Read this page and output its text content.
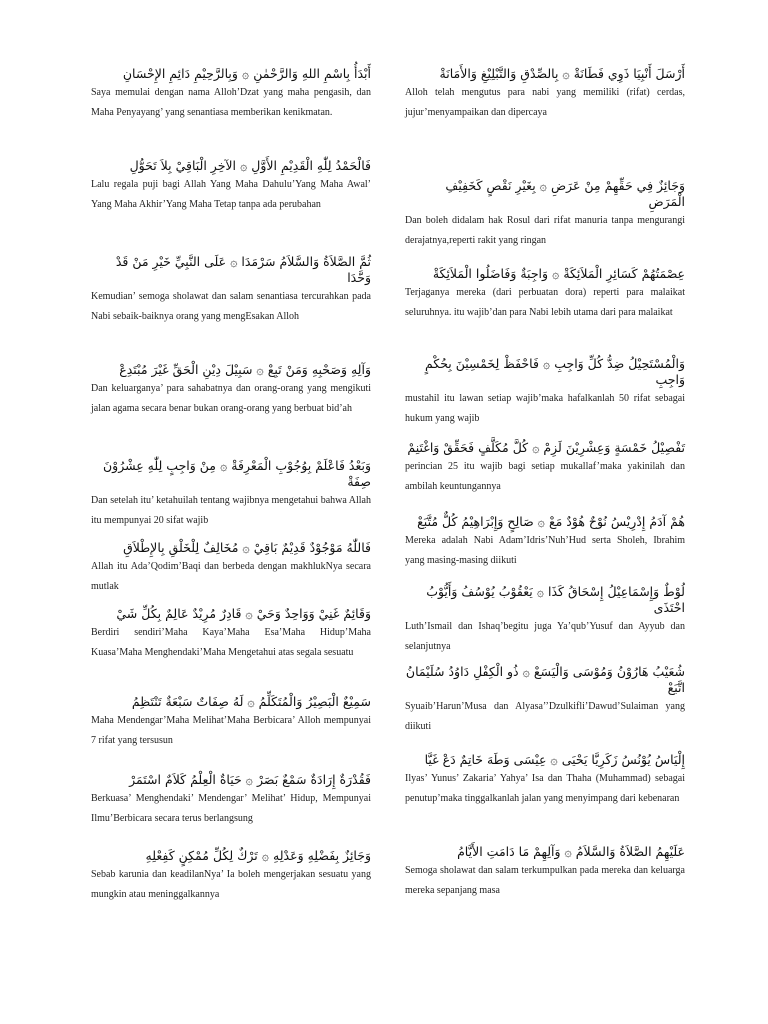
أَبْدَأُ بِاسْمِ اللهِ وَالرَّحْمٰنِ ۞ وَبِالرَّحِيْمِ دَائِمِ الإِحْسَانِ
Saya memulai dengan nama Alloh’Dzat yang maha pengasih, dan Maha Penyayang’ yang senantiasa memberikan kenikmatan.
فَالْحَمْدُ لِلّٰهِ الْقَدِيْمِ الأَوَّلِ ۞ الآخِرِ الْبَاقِيْ بِلاَ تَحَوُّلِ
Lalu regala puji bagi Allah Yang Maha Dahulu’Yang Maha Awal’ Yang Maha Akhir’Yang Maha Tetap tanpa ada perubahan
ثُمَّ الصَّلاَةُ وَالسَّلاَمُ سَرْمَدَا ۞ عَلَى النَّبِيِّ خَيْرِ مَنْ قَدْ وَحَّدَا
Kemudian’ semoga sholawat dan salam senantiasa tercurahkan pada Nabi sebaik-baiknya orang yang mengEsakan Alloh
وَآلِهِ وَصَحْبِهِ وَمَنْ تَبِعْ ۞ سَبِيْلَ دِيْنِ الْحَقِّ غَيْرَ مُبْتَدِعْ
Dan keluarganya’ para sahabatnya dan orang-orang yang mengikuti jalan agama secara benar bukan orang-orang yang berbuat bid’ah
وَبَعْدُ فَاعْلَمْ بِوُجُوْبِ الْمَعْرِفَةْ ۞ مِنْ وَاجِبٍ لِلّٰهِ عِشْرُوْنَ صِفَةْ
Dan setelah itu’ ketahuilah tentang wajibnya mengetahui bahwa Allah itu mempunyai 20 sifat wajib
فَاللّٰهُ مَوْجُوْدٌ قَدِيْمٌ بَاقِيْ ۞ مُخَالِفٌ لِلْخَلْقِ بِالإِطْلاَقِ
Allah itu Ada’Qodim’Baqi dan berbeda dengan makhlukNya secara mutlak
وَقَائِمٌ غَنِيْ وَوَاحِدٌ وَحَيْ ۞ قَادِرٌ مُرِيْدٌ عَالِمٌ بِكُلِّ شَيْ
Berdiri sendiri’Maha Kaya’Maha Esa’Maha Hidup’Maha Kuasa’Maha Menghendaki’Maha Mengetahui atas segala sesuatu
سَمِيْعٌ الْبَصِيْرُ وَالْمُتَكَلِّمُ ۞ لَهُ صِفَاتٌ سَبْعَةٌ تَنْتَظِمُ
Maha Mendengar’Maha Melihat’Maha Berbicara’ Alloh mempunyai 7 rifat yang tersusun
فَقُدْرَةٌ إِرَادَةٌ سَمْعٌ بَصَرْ ۞ حَيَاةٌ الْعِلْمُ كَلاَمٌ اسْتَمَرْ
Berkuasa’ Menghendaki’ Mendengar’ Melihat’ Hidup, Mempunyai Ilmu’Berbicara secara terus berlangsung
وَجَائِزٌ بِفَضْلِهِ وَعَدْلِهِ ۞ تَرْكٌ لِكُلِّ مُمْكِنٍ كَفِعْلِهِ
Sebab karunia dan keadilanNya’ Ia boleh mengerjakan sesuatu yang mungkin atau meninggalkannya
أَرْسَلَ أَنْبِيَا ذَوِي فَطَانَةْ ۞ بِالصِّدْقِ وَالتَّبْلِيْغِ وَالأَمَانَةْ
Alloh telah mengutus para nabi yang memiliki (rifat) cerdas, jujur’menyampaikan dan dipercaya
وَجَائِزٌ فِي حَقِّهِمْ مِنْ عَرَضِ ۞ بِغَيْرِ نَقْصٍ كَخَفِيْفِ الْمَرَضِ
Dan boleh didalam hak Rosul dari rifat manuria tanpa mengurangi derajatnya,reperti rakit yang ringan
عِصْمَتُهُمْ كَسَائِرِ الْمَلاَئِكَةْ ۞ وَاجِبَةٌ وَفَاضَلُوا الْمَلاَئِكَةْ
Terjaganya mereka (dari perbuatan dora) reperti para malaikat seluruhnya. itu wajib’dan para Nabi lebih utama dari para malaikat
وَالْمُسْتَحِيْلُ ضِدُّ كُلِّ وَاجِبِ ۞ فَاحْفَظْ لِخَمْسِيْنَ بِحُكْمٍ وَاجِبِ
mustahil itu lawan setiap wajib’maka hafalkanlah 50 rifat sebagai hukum yang wajib
تَفْصِيْلُ خَمْسَةٍ وَعِشْرِيْنَ لَزِمْ ۞ كُلَّ مُكَلَّفٍ فَحَقِّقْ وَاغْتَنِمْ
perincian 25 itu wajib bagi setiap mukallaf’maka yakinilah dan ambilah keuntungannya
هُمْ آدَمُ إِدْرِيْسُ نُوْحٌ هُوْدٌ مَعْ ۞ صَالِحٍ وَإِبْرَاهِيْمُ كُلٌّ مُتَّبَعْ
Mereka adalah Nabi Adam’Idris’Nuh’Hud serta Sholeh, Ibrahim yang masing-masing diikuti
لُوْطٌ وَإِسْمَاعِيْلُ إِسْحَاقُ كَذَا ۞ يَعْقُوْبُ يُوْسُفُ وَأَيُّوْبُ احْتَذَى
Luth’Ismail dan Ishaq’begitu juga Ya’qub’Yusuf dan Ayyub dan selanjutnya
شُعَيْبُ هَارُوْنُ وَمُوْسَى وَالْيَسَعْ ۞ ذُو الْكِفْلِ دَاوُدُ سُلَيْمَانُ اتَّبَعْ
Syuaib’Harun’Musa dan Alyasa’’Dzulkifli’Dawud’Sulaiman yang diikuti
إِلْيَاسُ يُوْنُسُ زَكَرِيَّا يَحْيَى ۞ عِيْسَى وَطَهَ خَاتِمٌ دَعْ غَيَّا
Ilyas’ Yunus’ Zakaria’ Yahya’ Isa dan Thaha (Muhammad) sebagai penutup’maka tinggalkanlah jalan yang menyimpang dari kebenaran
عَلَيْهِمُ الصَّلاَةُ وَالسَّلاَمُ ۞ وَآلِهِمْ مَا دَامَتِ الأَيَّامُ
Semoga sholawat dan salam terkumpulkan pada mereka dan keluarga mereka sepanjang masa
